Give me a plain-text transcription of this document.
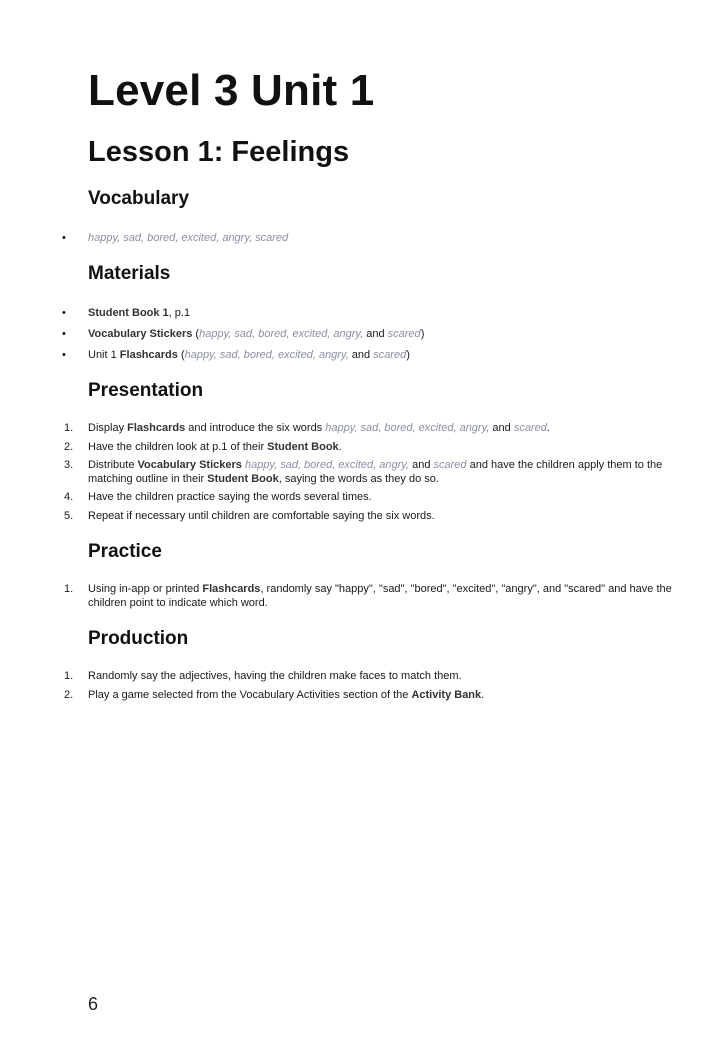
Level 3 Unit 1
Lesson 1: Feelings
Vocabulary
• happy, sad, bored, excited, angry, scared
Materials
• Student Book 1, p.1
• Vocabulary Stickers (happy, sad, bored, excited, angry, and scared)
• Unit 1 Flashcards (happy, sad, bored, excited, angry, and scared)
Presentation
1. Display Flashcards and introduce the six words happy, sad, bored, excited, angry, and scared.
2. Have the children look at p.1 of their Student Book.
3. Distribute Vocabulary Stickers happy, sad, bored, excited, angry, and scared and have the children apply them to the matching outline in their Student Book, saying the words as they do so.
4. Have the children practice saying the words several times.
5. Repeat if necessary until children are comfortable saying the six words.
Practice
1. Using in-app or printed Flashcards, randomly say "happy", "sad", "bored", "excited", "angry", and "scared" and have the children point to indicate which word.
Production
1. Randomly say the adjectives, having the children make faces to match them.
2. Play a game selected from the Vocabulary Activities section of the Activity Bank.
6
